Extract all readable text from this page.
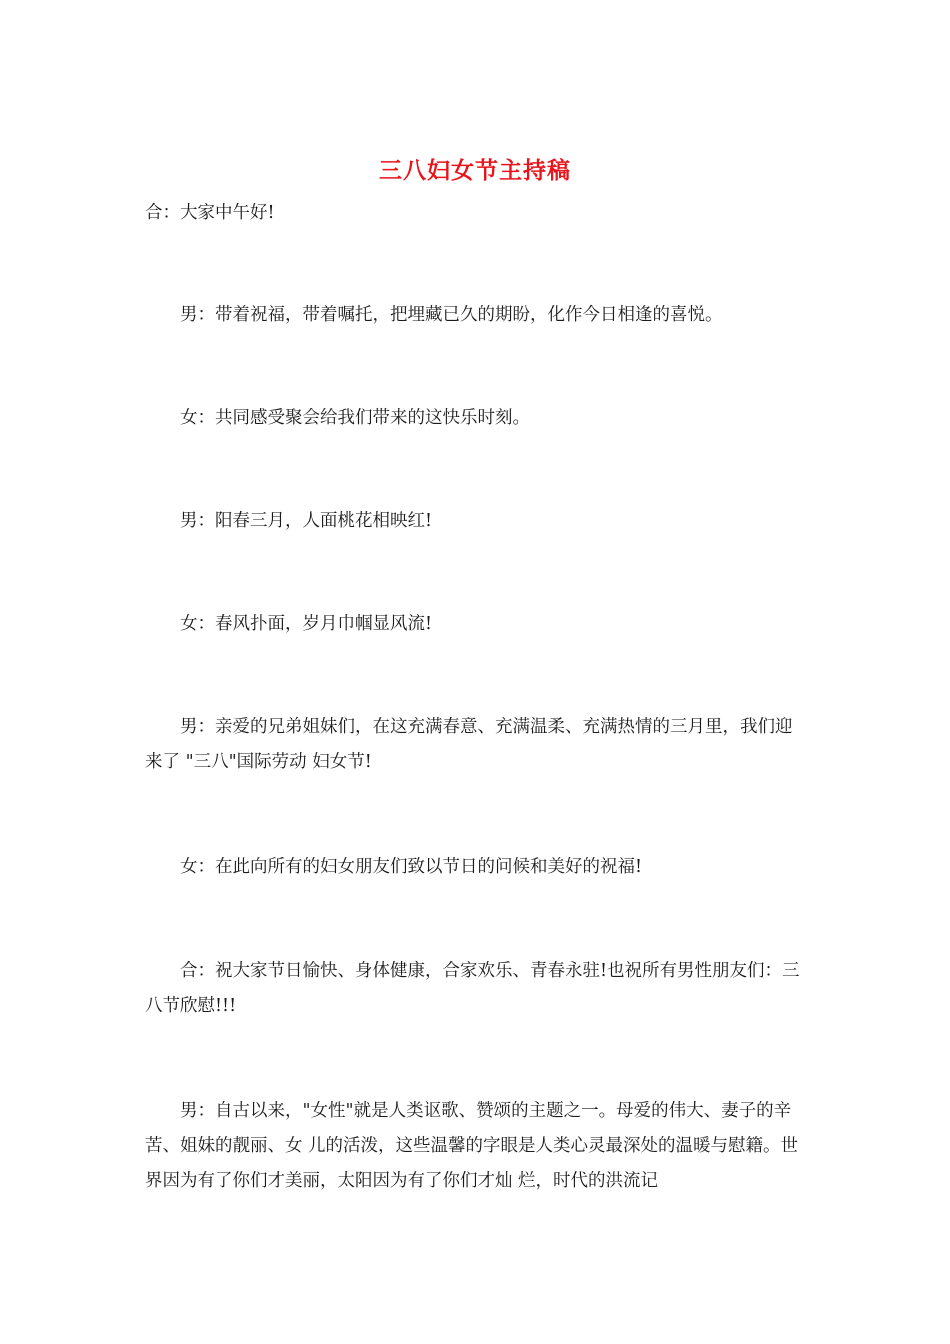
三八妇女节主持稿

合：大家中午好!

男：带着祝福，带着嘱托，把埋藏已久的期盼，化作今日相逢的喜悦。

女：共同感受聚会给我们带来的这快乐时刻。

男：阳春三月，人面桃花相映红!

女：春风扑面，岁月巾帼显风流!

男：亲爱的兄弟姐妹们，在这充满春意、充满温柔、充满热情的三月里，我们迎来了 "三八"国际劳动 妇女节!

女：在此向所有的妇女朋友们致以节日的问候和美好的祝福!

合：祝大家节日愉快、身体健康，合家欢乐、青春永驻!也祝所有男性朋友们：三八节欣慰!!!

男：自古以来，"女性"就是人类讴歌、赞颂的主题之一。母爱的伟大、妻子的辛苦、姐妹的靓丽、女 儿的活泼，这些温馨的字眼是人类心灵最深处的温暖与慰籍。世界因为有了你们才美丽，太阳因为有了你们才灿 烂，时代的洪流记
